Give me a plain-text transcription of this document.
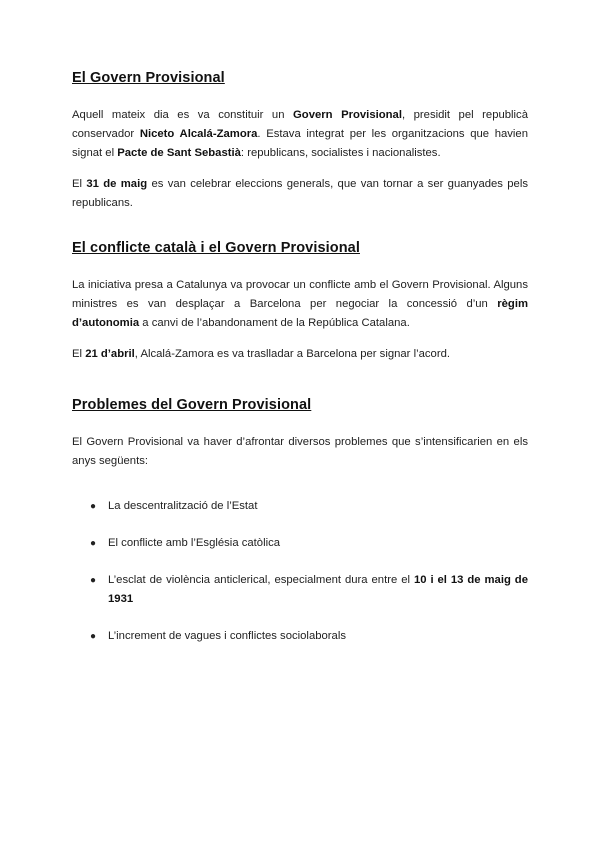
El Govern Provisional

Aquell mateix dia es va constituir un Govern Provisional, presidit pel republicà conservador Niceto Alcalá-Zamora. Estava integrat per les organitzacions que havien signat el Pacte de Sant Sebastià: republicans, socialistes i nacionalistes.

El 31 de maig es van celebrar eleccions generals, que van tornar a ser guanyades pels republicans.

El conflicte català i el Govern Provisional

La iniciativa presa a Catalunya va provocar un conflicte amb el Govern Provisional. Alguns ministres es van desplaçar a Barcelona per negociar la concessió d’un règim d’autonomia a canvi de l’abandonament de la República Catalana.

El 21 d’abril, Alcalá-Zamora es va traslladar a Barcelona per signar l’acord.

Problemes del Govern Provisional

El Govern Provisional va haver d’afrontar diversos problemes que s’intensificarien en els anys següents:

● La descentralització de l’Estat
● El conflicte amb l’Església catòlica
● L’esclat de violència anticlerical, especialment dura entre el 10 i el 13 de maig de 1931
● L’increment de vagues i conflictes sociolaborals
